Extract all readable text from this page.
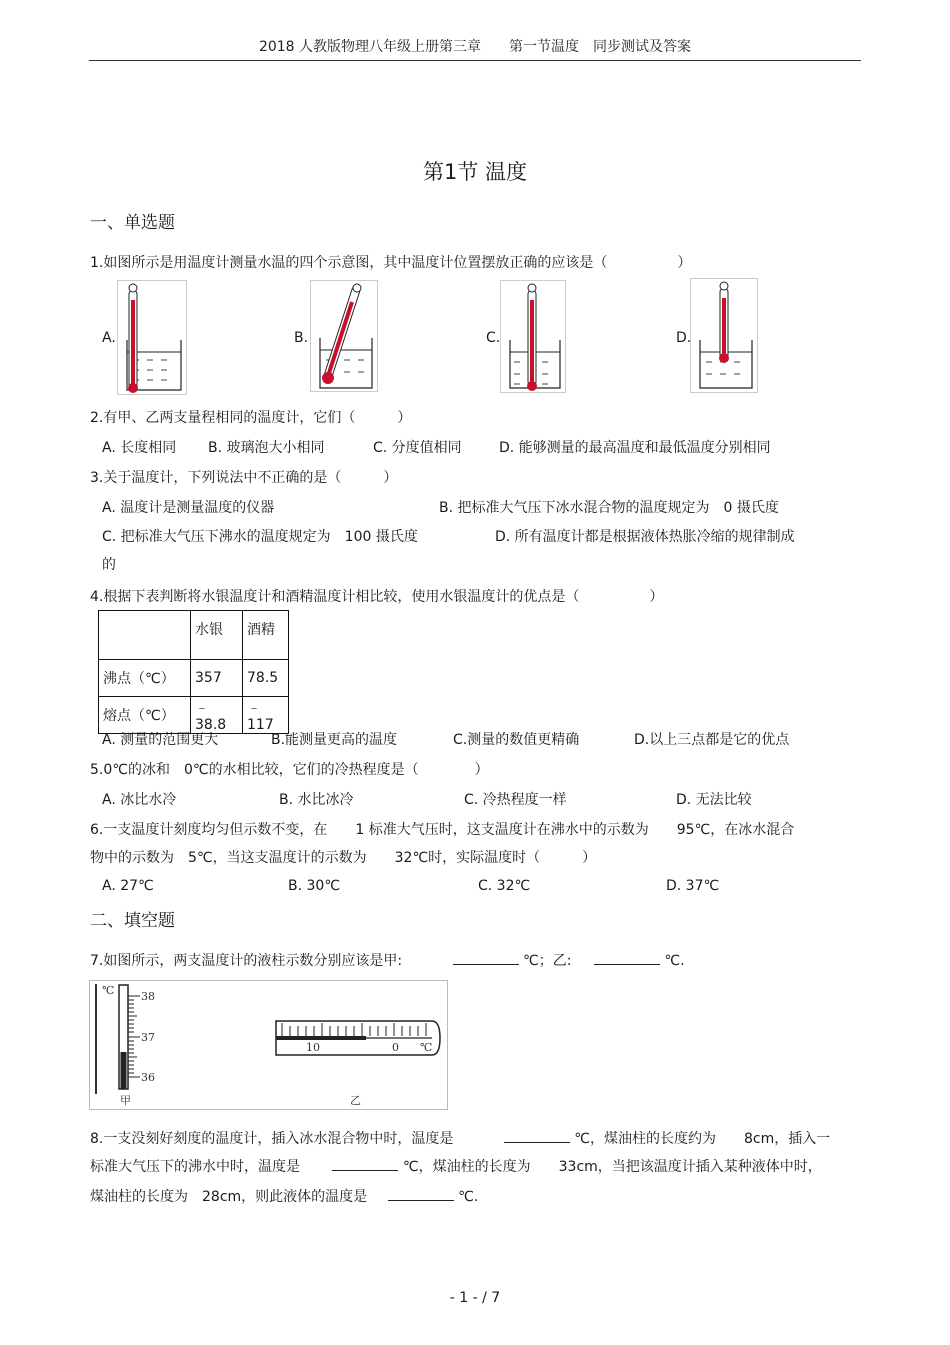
2018 人教版物理八年级上册第三章　　第一节温度　同步测试及答案
第1节 温度
一、单选题
1.如图所示是用温度计测量水温的四个示意图，其中温度计位置摆放正确的应该是（　　　　　）
A.	B.	C.	D.
2.有甲、乙两支量程相同的温度计，它们（　　　）
A. 长度相同 B. 玻璃泡大小相同	C. 分度值相同	D. 能够测量的最高温度和最低温度分别相同
3.关于温度计，下列说法中不正确的是（　　　）
A. 温度计是测量温度的仪器	B. 把标准大气压下冰水混合物的温度规定为　0 摄氏度
C. 把标准大气压下沸水的温度规定为　100 摄氏度	D. 所有温度计都是根据液体热胀冷缩的规律制成
的
4.根据下表判断将水银温度计和酒精温度计相比较，使用水银温度计的优点是（　　　　　）
	水银	酒精
沸点（℃）	357	78.5
熔点（℃）	﹣38.8	﹣117
A. 测量的范围更大	B.能测量更高的温度	C.测量的数值更精确	D.以上三点都是它的优点
5.0℃的冰和　0℃的水相比较，它们的冷热程度是（　　　　）
A. 冰比水冷	B. 水比冰冷	C. 冷热程度一样	D. 无法比较
6.一支温度计刻度均匀但示数不变，在　　1 标准大气压时，这支温度计在沸水中的示数为　　95℃，在冰水混合
物中的示数为　5℃，当这支温度计的示数为　　32℃时，实际温度时（　　　）
A. 27℃	B. 30℃	C. 32℃	D. 37℃
二、填空题
7.如图所示，两支温度计的液柱示数分别应该是甲:	℃；乙:	℃.
℃ 38
37
36
甲
10	0 ℃
乙
8.一支没刻好刻度的温度计，插入冰水混合物中时，温度是	℃，煤油柱的长度约为　　8cm，插入一
标准大气压下的沸水中时，温度是	℃，煤油柱的长度为　　33cm，当把该温度计插入某种液体中时，
煤油柱的长度为　28cm，则此液体的温度是	℃.
- 1 - / 7
